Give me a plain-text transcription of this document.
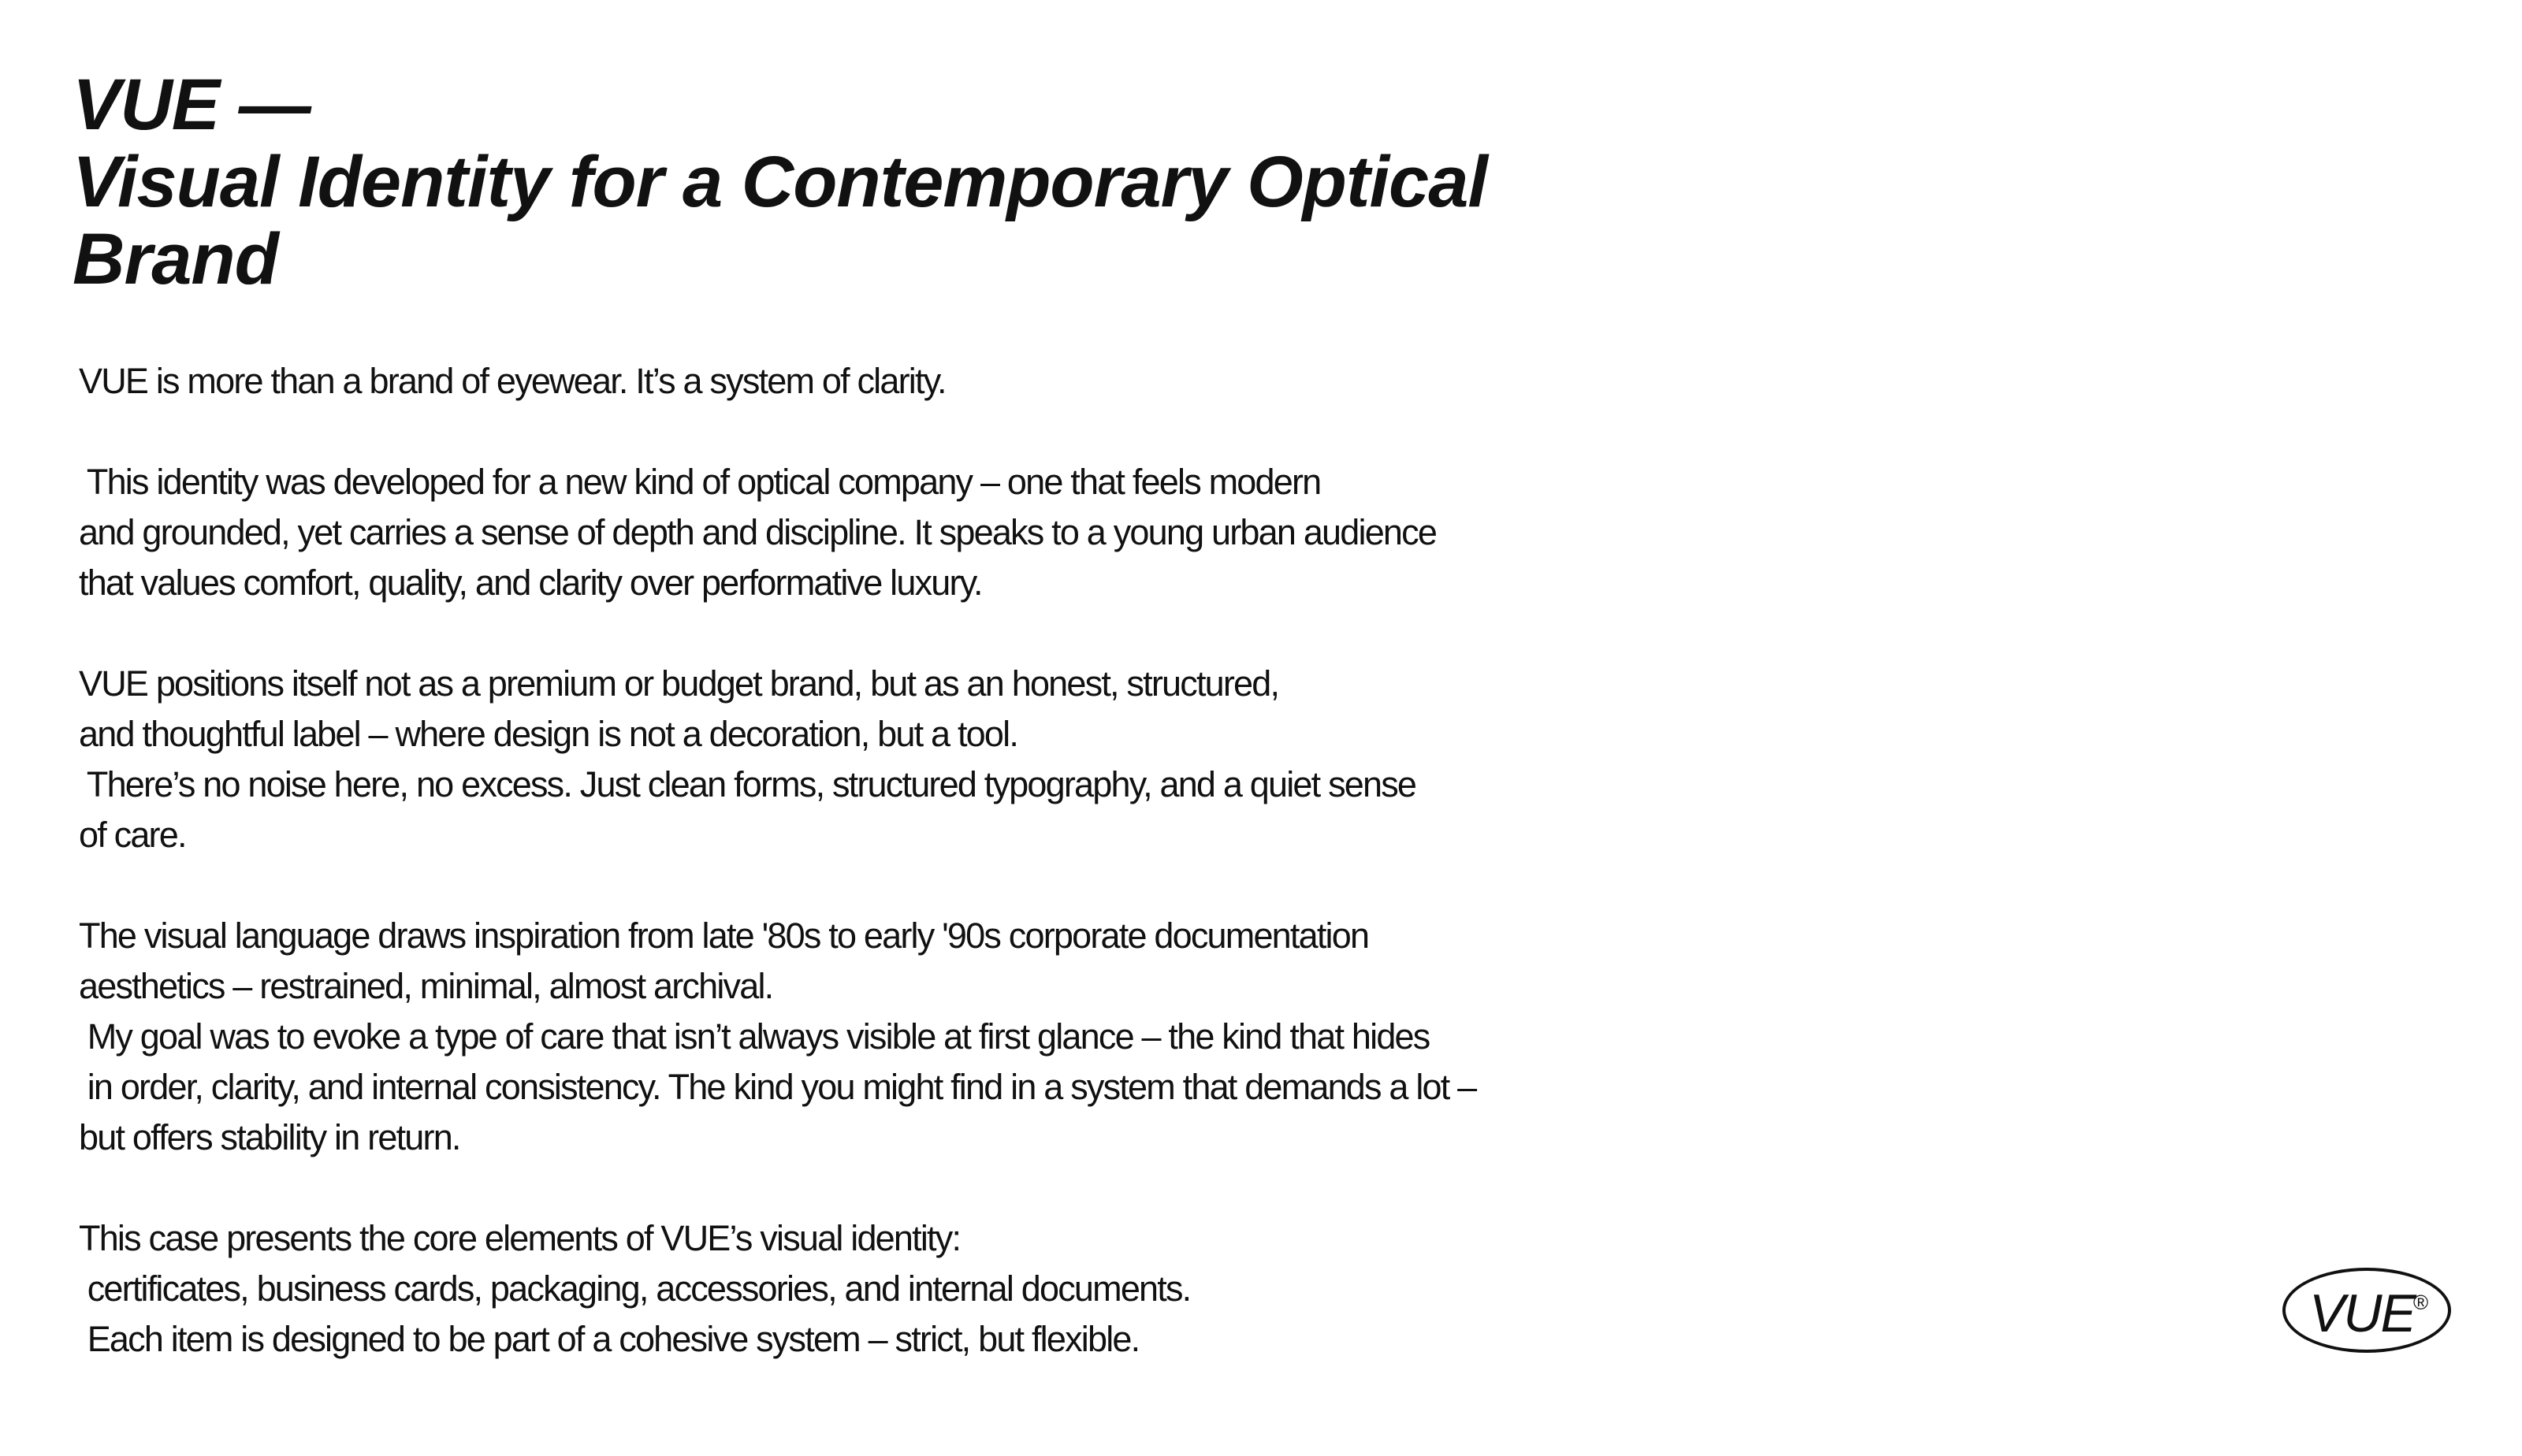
VUE —
Visual Identity for a Contemporary Optical
Brand

VUE is more than a brand of eyewear. It’s a system of clarity.

This identity was developed for a new kind of optical company – one that feels modern
and grounded, yet carries a sense of depth and discipline. It speaks to a young urban audience
that values comfort, quality, and clarity over performative luxury.

VUE positions itself not as a premium or budget brand, but as an honest, structured,
and thoughtful label – where design is not a decoration, but a tool.
There’s no noise here, no excess. Just clean forms, structured typography, and a quiet sense
of care.

The visual language draws inspiration from late '80s to early '90s corporate documentation
aesthetics – restrained, minimal, almost archival.
My goal was to evoke a type of care that isn’t always visible at first glance – the kind that hides
in order, clarity, and internal consistency. The kind you might find in a system that demands a lot –
but offers stability in return.

This case presents the core elements of VUE’s visual identity:
certificates, business cards, packaging, accessories, and internal documents.
Each item is designed to be part of a cohesive system – strict, but flexible.	VUE
®
